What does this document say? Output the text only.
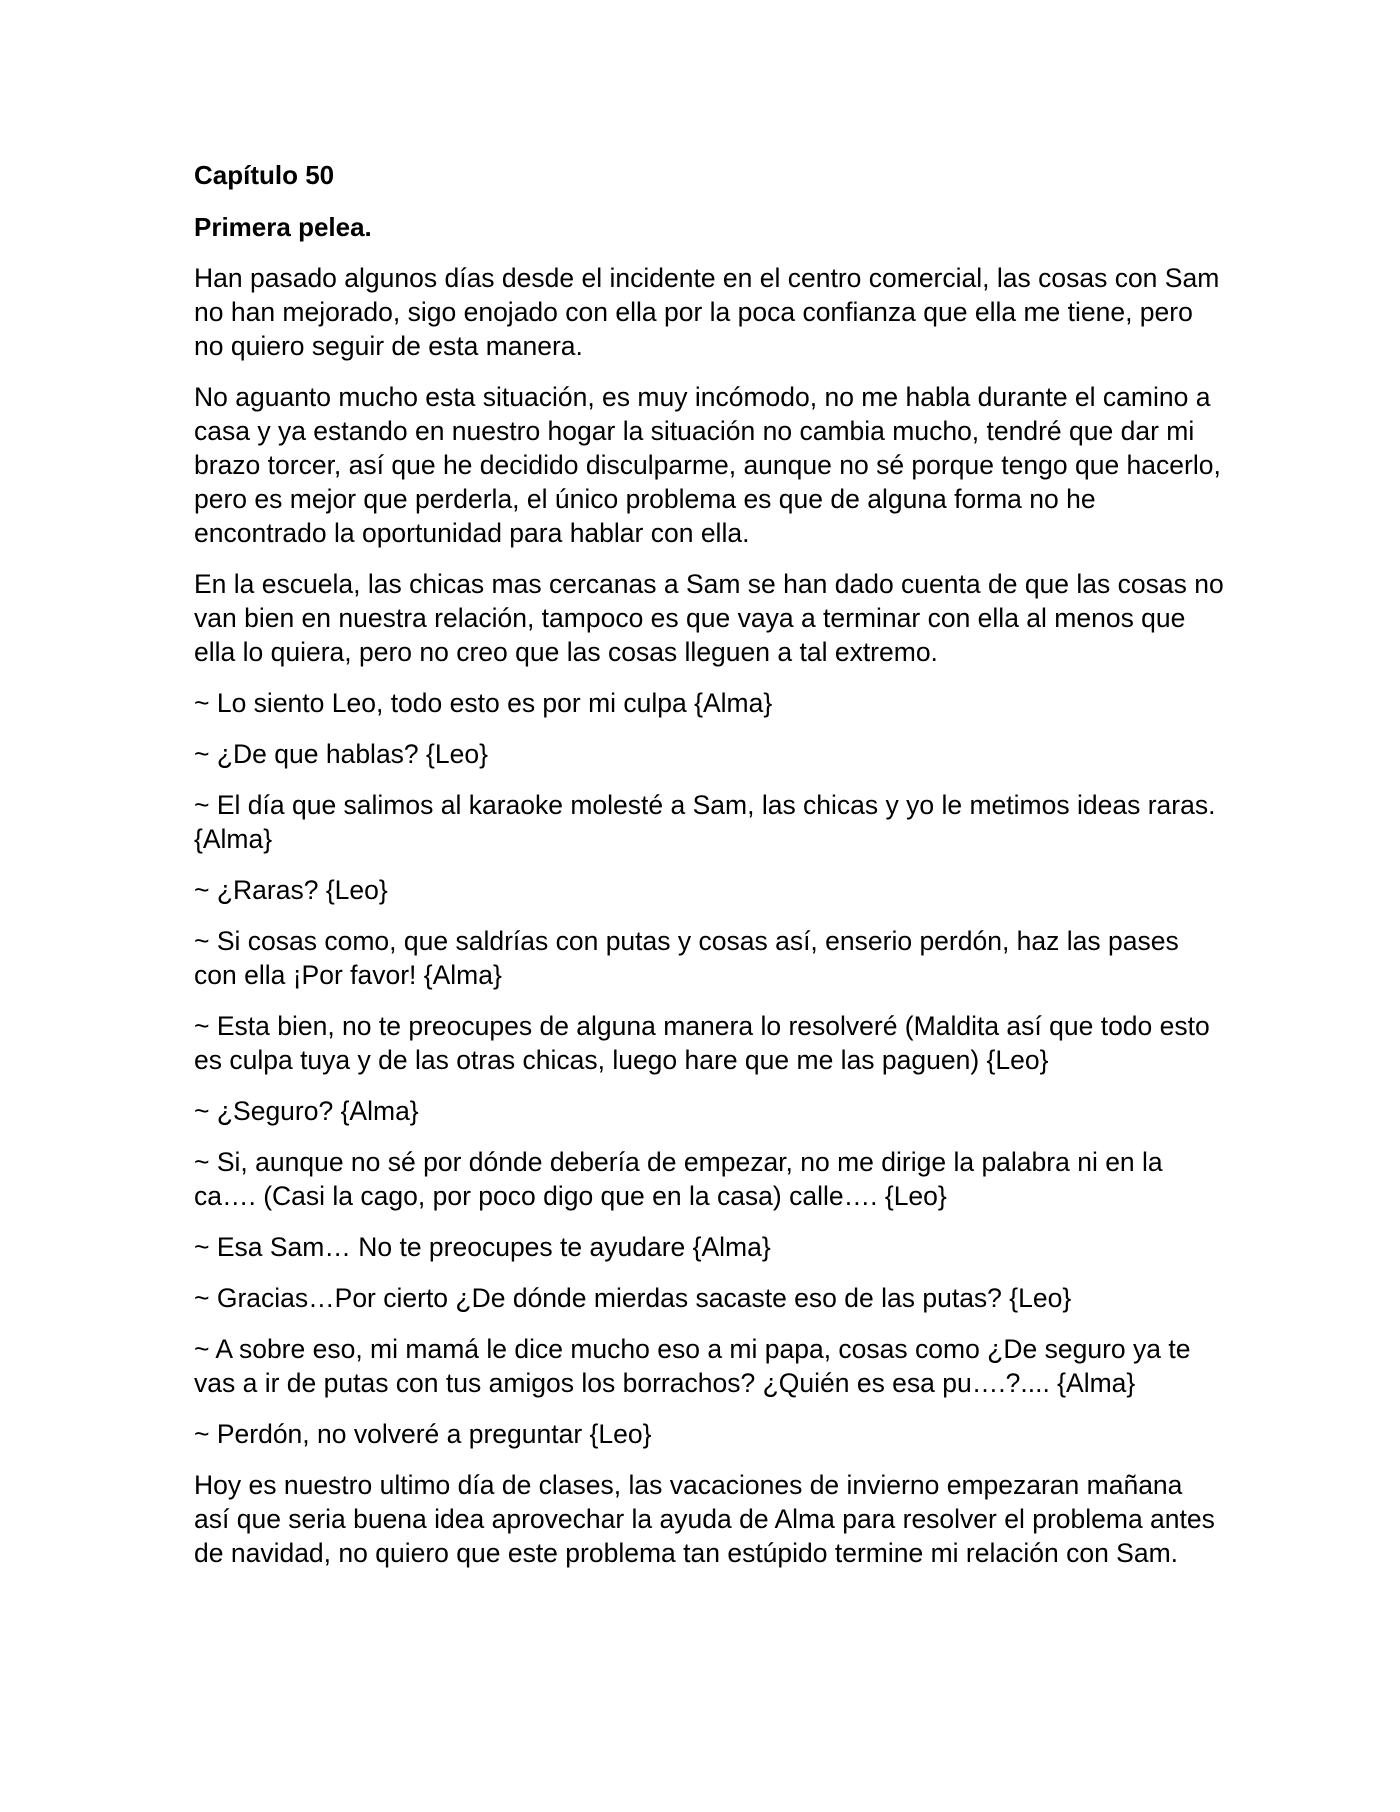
Capítulo 50
Primera pelea.

Han pasado algunos días desde el incidente en el centro comercial, las cosas con Sam no han mejorado, sigo enojado con ella por la poca confianza que ella me tiene, pero no quiero seguir de esta manera.

No aguanto mucho esta situación, es muy incómodo, no me habla durante el camino a casa y ya estando en nuestro hogar la situación no cambia mucho, tendré que dar mi brazo torcer, así que he decidido disculparme, aunque no sé porque tengo que hacerlo, pero es mejor que perderla, el único problema es que de alguna forma no he encontrado la oportunidad para hablar con ella.

En la escuela, las chicas mas cercanas a Sam se han dado cuenta de que las cosas no van bien en nuestra relación, tampoco es que vaya a terminar con ella al menos que ella lo quiera, pero no creo que las cosas lleguen a tal extremo.

~ Lo siento Leo, todo esto es por mi culpa {Alma}

~ ¿De que hablas? {Leo}

~ El día que salimos al karaoke molesté a Sam, las chicas y yo le metimos ideas raras. {Alma}

~ ¿Raras? {Leo}

~ Si cosas como, que saldrías con putas y cosas así, enserio perdón, haz las pases con ella ¡Por favor! {Alma}

~ Esta bien, no te preocupes de alguna manera lo resolveré (Maldita así que todo esto es culpa tuya y de las otras chicas, luego hare que me las paguen) {Leo}

~ ¿Seguro? {Alma}

~ Si, aunque no sé por dónde debería de empezar, no me dirige la palabra ni en la ca…. (Casi la cago, por poco digo que en la casa) calle…. {Leo}

~ Esa Sam… No te preocupes te ayudare {Alma}

~ Gracias…Por cierto ¿De dónde mierdas sacaste eso de las putas? {Leo}

~ A sobre eso, mi mamá le dice mucho eso a mi papa, cosas como ¿De seguro ya te vas a ir de putas con tus amigos los borrachos? ¿Quién es esa pu….?.... {Alma}

~ Perdón, no volveré a preguntar {Leo}

Hoy es nuestro ultimo día de clases, las vacaciones de invierno empezaran mañana así que seria buena idea aprovechar la ayuda de Alma para resolver el problema antes de navidad, no quiero que este problema tan estúpido termine mi relación con Sam.
